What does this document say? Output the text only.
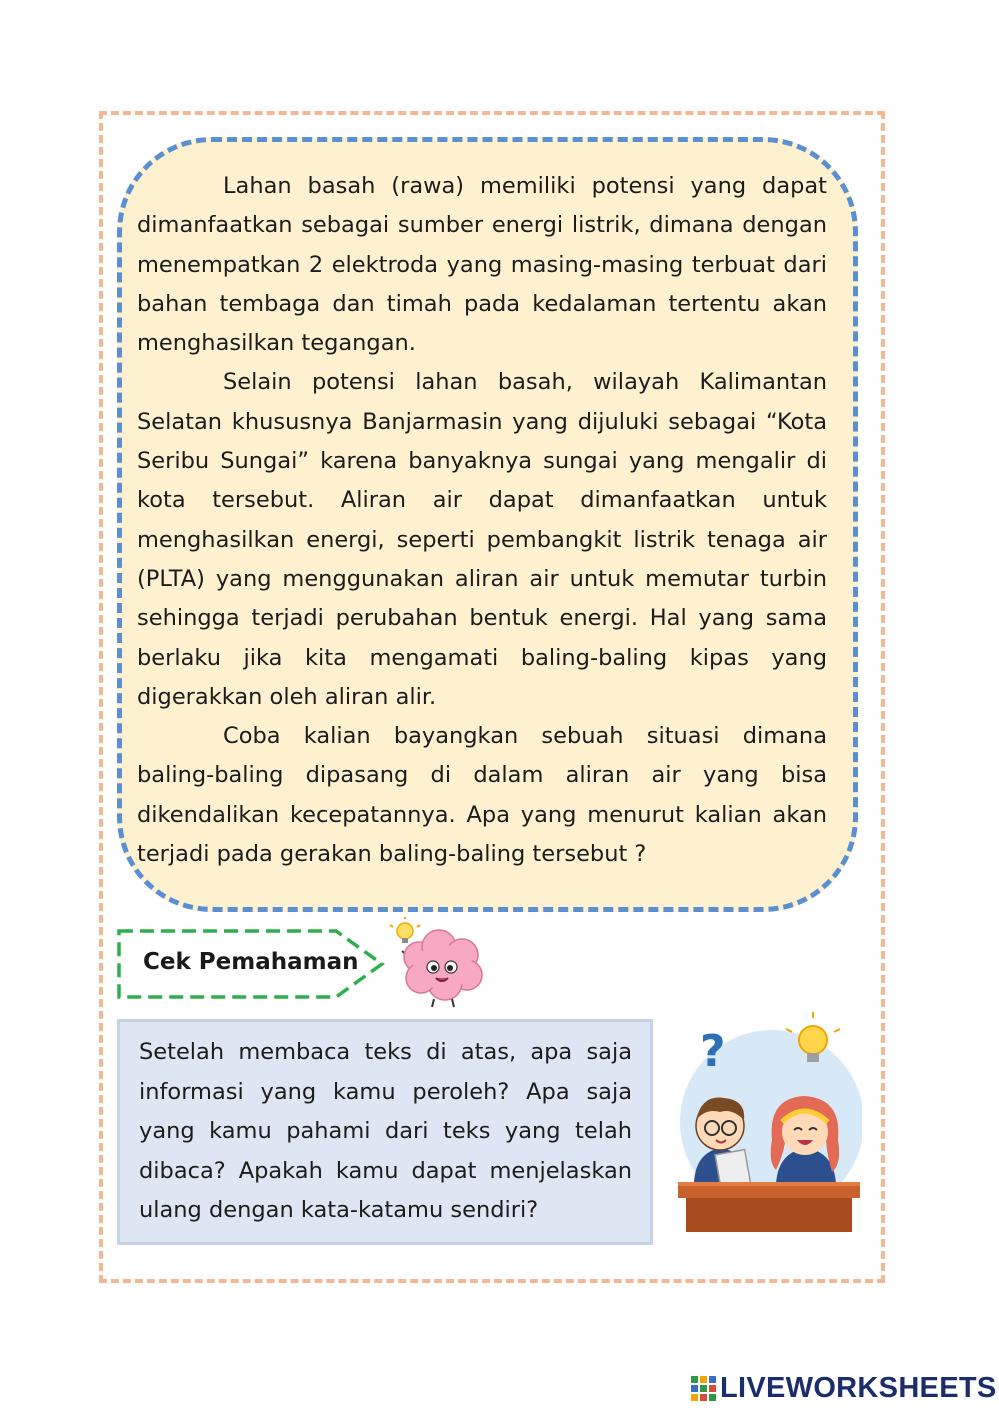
Lahan basah (rawa) memiliki potensi yang dapat dimanfaatkan sebagai sumber energi listrik, dimana dengan menempatkan 2 elektroda yang masing-masing terbuat dari bahan tembaga dan timah pada kedalaman tertentu akan menghasilkan tegangan.

Selain potensi lahan basah, wilayah Kalimantan Selatan khususnya Banjarmasin yang dijuluki sebagai “Kota Seribu Sungai” karena banyaknya sungai yang mengalir di kota tersebut. Aliran air dapat dimanfaatkan untuk menghasilkan energi, seperti pembangkit listrik tenaga air (PLTA) yang menggunakan aliran air untuk memutar turbin sehingga terjadi perubahan bentuk energi. Hal yang sama berlaku jika kita mengamati baling-baling kipas yang digerakkan oleh aliran alir.

Coba kalian bayangkan sebuah situasi dimana baling-baling dipasang di dalam aliran air yang bisa dikendalikan kecepatannya. Apa yang menurut kalian akan terjadi pada gerakan baling-baling tersebut ?

Cek Pemahaman

Setelah membaca teks di atas, apa saja informasi yang kamu peroleh? Apa saja yang kamu pahami dari teks yang telah dibaca? Apakah kamu dapat menjelaskan ulang dengan kata-katamu sendiri?

?
LIVEWORKSHEETS
